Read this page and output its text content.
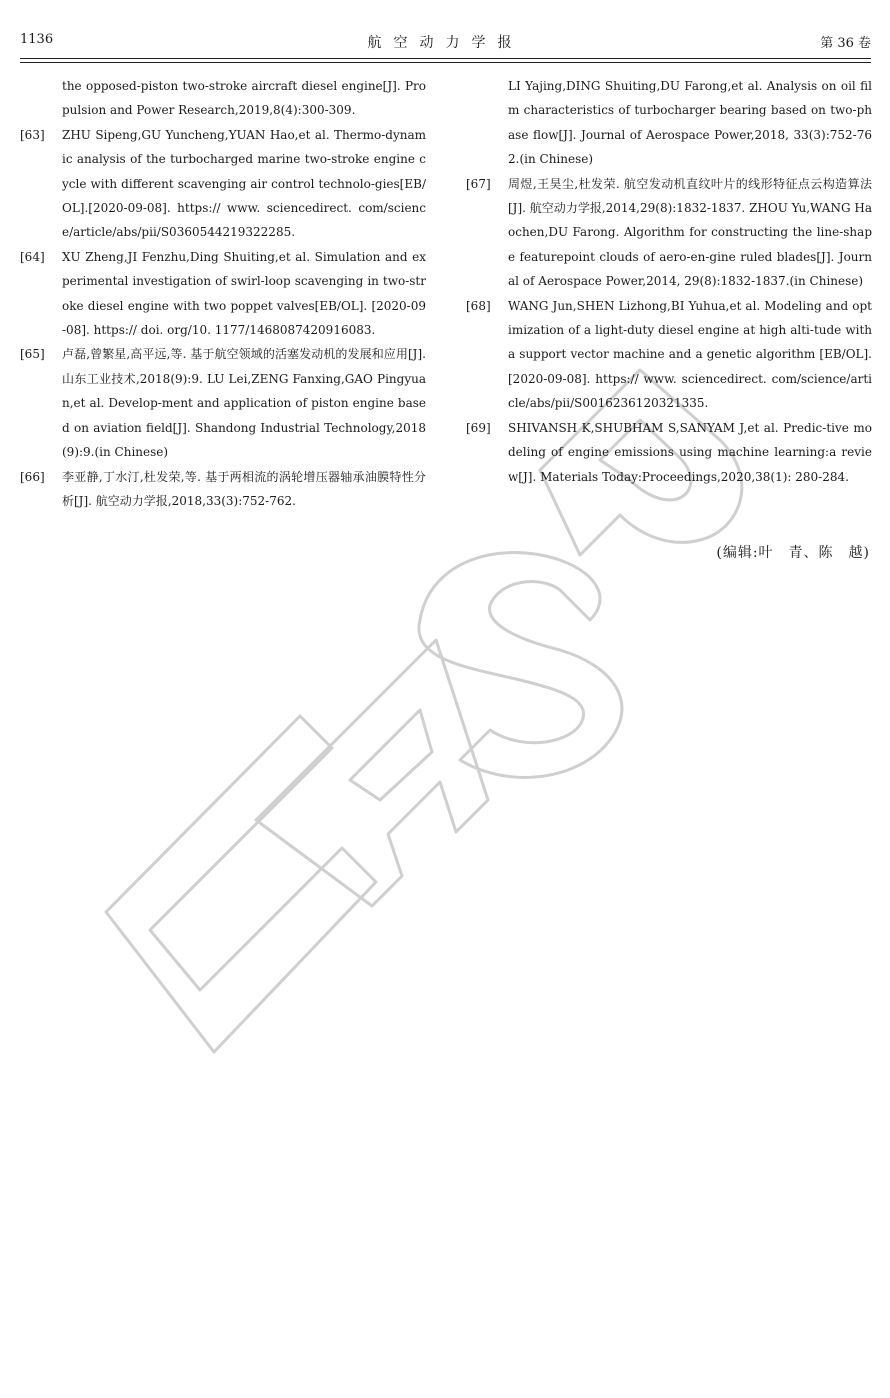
1136	航空动力学报	第 36 卷
the opposed-piston two-stroke aircraft diesel engine[J]. Propulsion and Power Research,2019,8(4):300-309.
[63] ZHU Sipeng,GU Yuncheng,YUAN Hao,et al. Thermo-dynamic analysis of the turbocharged marine two-stroke engine cycle with different scavenging air control technolo-gies[EB/OL].[2020-09-08]. https:// www. sciencedirect. com/science/article/abs/pii/S0360544219322285.
[64] XU Zheng,JI Fenzhu,Ding Shuiting,et al. Simulation and experimental investigation of swirl-loop scavenging in two-stroke diesel engine with two poppet valves[EB/OL]. [2020-09-08]. https:// doi. org/10. 1177/1468087420916083.
[65] 卢磊,曾繁星,高平远,等. 基于航空领域的活塞发动机的发展和应用[J]. 山东工业技术,2018(9):9. LU Lei,ZENG Fanxing,GAO Pingyuan,et al. Develop-ment and application of piston engine based on aviation field[J]. Shandong Industrial Technology,2018(9):9.(in Chinese)
[66] 李亚静,丁水汀,杜发荣,等. 基于两相流的涡轮增压器轴承油膜特性分析[J]. 航空动力学报,2018,33(3):752-762.
LI Yajing,DING Shuiting,DU Farong,et al. Analysis on oil film characteristics of turbocharger bearing based on two-phase flow[J]. Journal of Aerospace Power,2018, 33(3):752-762.(in Chinese)
[67] 周煜,王昊尘,杜发荣. 航空发动机直纹叶片的线形特征点云构造算法[J]. 航空动力学报,2014,29(8):1832-1837. ZHOU Yu,WANG Haochen,DU Farong. Algorithm for constructing the line-shape featurepoint clouds of aero-en-gine ruled blades[J]. Journal of Aerospace Power,2014, 29(8):1832-1837.(in Chinese)
[68] WANG Jun,SHEN Lizhong,BI Yuhua,et al. Modeling and optimization of a light-duty diesel engine at high alti-tude with a support vector machine and a genetic algorithm [EB/OL]. [2020-09-08]. https:// www. sciencedirect. com/science/article/abs/pii/S0016236120321335.
[69] SHIVANSH K,SHUBHAM S,SANYAM J,et al. Predic-tive modeling of engine emissions using machine learning:a review[J]. Materials Today:Proceedings,2020,38(1): 280-284.
(编辑:叶　青、陈　越)
